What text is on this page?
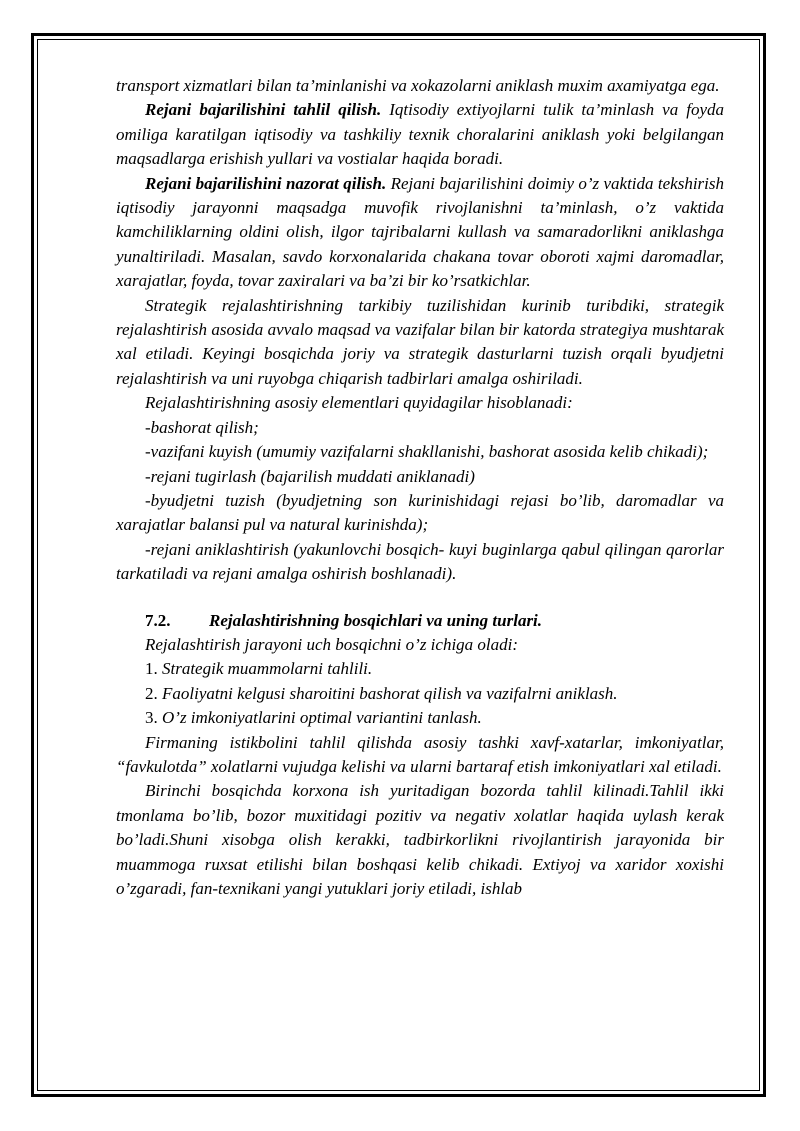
transport xizmatlari bilan ta’minlanishi va xokazolarni aniklash muxim axamiyatga ega.

Rejani bajarilishini tahlil qilish. Iqtisodiy extiyojlarni tulik ta’minlash va foyda omiliga karatilgan iqtisodiy va tashkiliy texnik choralarini aniklash yoki belgilangan maqsadlarga erishish yullari va vostialar haqida boradi.

Rejani bajarilishini nazorat qilish. Rejani bajarilishini doimiy o’z vaktida tekshirish iqtisodiy jarayonni maqsadga muvofik rivojlanishni ta’minlash, o’z vaktida kamchiliklarning oldini olish, ilgor tajribalarni kullash va samaradorlikni aniklashga yunaltiriladi. Masalan, savdo korxonalarida chakana tovar oboroti xajmi daromadlar, xarajatlar, foyda, tovar zaxiralari va ba’zi bir ko’rsatkichlar.

Strategik rejalashtirishning tarkibiy tuzilishidan kurinib turibdiki, strategik rejalashtirish asosida avvalo maqsad va vazifalar bilan bir katorda strategiya mushtarak xal etiladi. Keyingi bosqichda joriy va strategik dasturlarni tuzish orqali byudjetni rejalashtirish va uni ruyobga chiqarish tadbirlari amalga oshiriladi.

Rejalashtirishning asosiy elementlari quyidagilar hisoblanadi:

-bashorat qilish;

-vazifani kuyish (umumiy vazifalarni shakllanishi, bashorat asosida kelib chikadi);

-rejani tugirlash (bajarilish muddati aniklanadi)

-byudjetni tuzish (byudjetning son kurinishidagi rejasi bo’lib, daromadlar va xarajatlar balansi pul va natural kurinishda);

-rejani aniklashtirish (yakunlovchi bosqich- kuyi buginlarga qabul qilingan qarorlar tarkatiladi va rejani amalga oshirish boshlanadi).

7.2. Rejalashtirishning bosqichlari va uning turlari.

Rejalashtirish jarayoni uch bosqichni o’z ichiga oladi:

1. Strategik muammolarni tahlili.

2. Faoliyatni kelgusi sharoitini bashorat qilish va vazifalrni aniklash.

3. O’z imkoniyatlarini optimal variantini tanlash.

Firmaning istikbolini tahlil qilishda asosiy tashki xavf-xatarlar, imkoniyatlar, “favkulotda” xolatlarni vujudga kelishi va ularni bartaraf etish imkoniyatlari xal etiladi.

Birinchi bosqichda korxona ish yuritadigan bozorda tahlil kilinadi.Tahlil ikki tmonlama bo’lib, bozor muxitidagi pozitiv va negativ xolatlar haqida uylash kerak bo’ladi.Shuni xisobga olish kerakki, tadbirkorlikni rivojlantirish jarayonida bir muammoga ruxsat etilishi bilan boshqasi kelib chikadi. Extiyoj va xaridor xoxishi o’zgaradi, fan-texnikani yangi yutuklari joriy etiladi, ishlab
